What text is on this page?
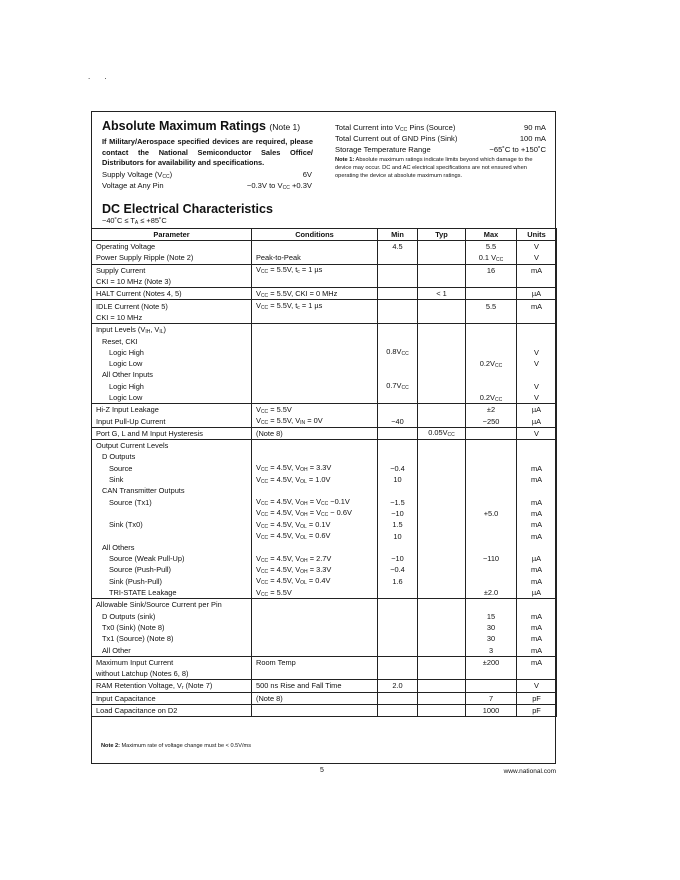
. .
Absolute Maximum Ratings (Note 1)
If Military/Aerospace specified devices are required, please contact the National Semiconductor Sales Office/ Distributors for availability and specifications.
Supply Voltage $(V_{CC})$	6V
Voltage at Any Pin	−0.3V to $V_{CC} +0.3V$
Total Current into $V_{CC}$ Pins (Source)	90 mA
Total Current out of GND Pins (Sink)	100 mA
Storage Temperature Range	−65˚C to +150˚C
Note 1: Absolute maximum ratings indicate limits beyond which damage to the device may occur. DC and AC electrical specifications are not ensured when operating the device at absolute maximum ratings.
DC Electrical Characteristics
−40˚C ≤ $T_A$ ≤ +85˚C
Parameter	Conditions	Min	Typ	Max	Units
Operating Voltage		4.5		5.5	V
Power Supply Ripple (Note 2)	Peak-to-Peak			0.1 $V_{CC}$	V
Supply Current	$V_{CC} = 5.5V$, $t_c = 1$ µs			16	mA
CKI = 10 MHz (Note 3)					
HALT Current (Notes 4, 5)	$V_{CC} = 5.5V$, CKI = 0 MHz		< 1		µA
IDLE Current (Note 5)	$V_{CC} = 5.5V$, $t_c = 1$ µs			5.5	mA
CKI = 10 MHz					
Input Levels ($V_{IH}$, $V_{IL}$)					
Reset, CKI					
Logic High		$0.8V_{CC}$			V
Logic Low				$0.2V_{CC}$	V
All Other Inputs					
Logic High		$0.7V_{CC}$			V
Logic Low				$0.2V_{CC}$	V
Hi-Z Input Leakage	$V_{CC} = 5.5V$			±2	µA
Input Pull-Up Current	$V_{CC} = 5.5V$, $V_{IN} = 0V$	−40		−250	µA
Port G, L and M Input Hysteresis	(Note 8)		$0.05V_{CC}$		V
Output Current Levels					
D Outputs					
Source	$V_{CC} = 4.5V$, $V_{OH} = 3.3V$	−0.4			mA
Sink	$V_{CC} = 4.5V$, $V_{OL} = 1.0V$	10			mA
CAN Transmitter Outputs					
Source (Tx1)	$V_{CC} = 4.5V$, $V_{OH} = V_{CC} -0.1V$	−1.5			mA
	$V_{CC} = 4.5V$, $V_{OH} = V_{CC} - 0.6V$	−10		+5.0	mA
Sink (Tx0)	$V_{CC} = 4.5V$, $V_{OL} = 0.1V$	1.5			mA
	$V_{CC} = 4.5V$, $V_{OL} = 0.6V$	10			mA
All Others					
Source (Weak Pull-Up)	$V_{CC} = 4.5V$, $V_{OH} = 2.7V$	−10		−110	µA
Source (Push-Pull)	$V_{CC} = 4.5V$, $V_{OH} = 3.3V$	−0.4			mA
Sink (Push-Pull)	$V_{CC} = 4.5V$, $V_{OL} = 0.4V$	1.6			mA
TRI-STATE Leakage	$V_{CC} = 5.5V$			±2.0	µA
Allowable Sink/Source Current per Pin					
D Outputs (sink)				15	mA
Tx0 (Sink) (Note 8)				30	mA
Tx1 (Source) (Note 8)				30	mA
All Other				3	mA
Maximum Input Current	Room Temp			±200	mA
without Latchup (Notes 6, 8)					
RAM Retention Voltage, $V_r$ (Note 7)	500 ns Rise and Fall Time	2.0			V
Input Capacitance	(Note 8)			7	pF
Load Capacitance on D2				1000	pF
Note 2: Maximum rate of voltage change must be < 0.5V/ms
5	www.national.com
